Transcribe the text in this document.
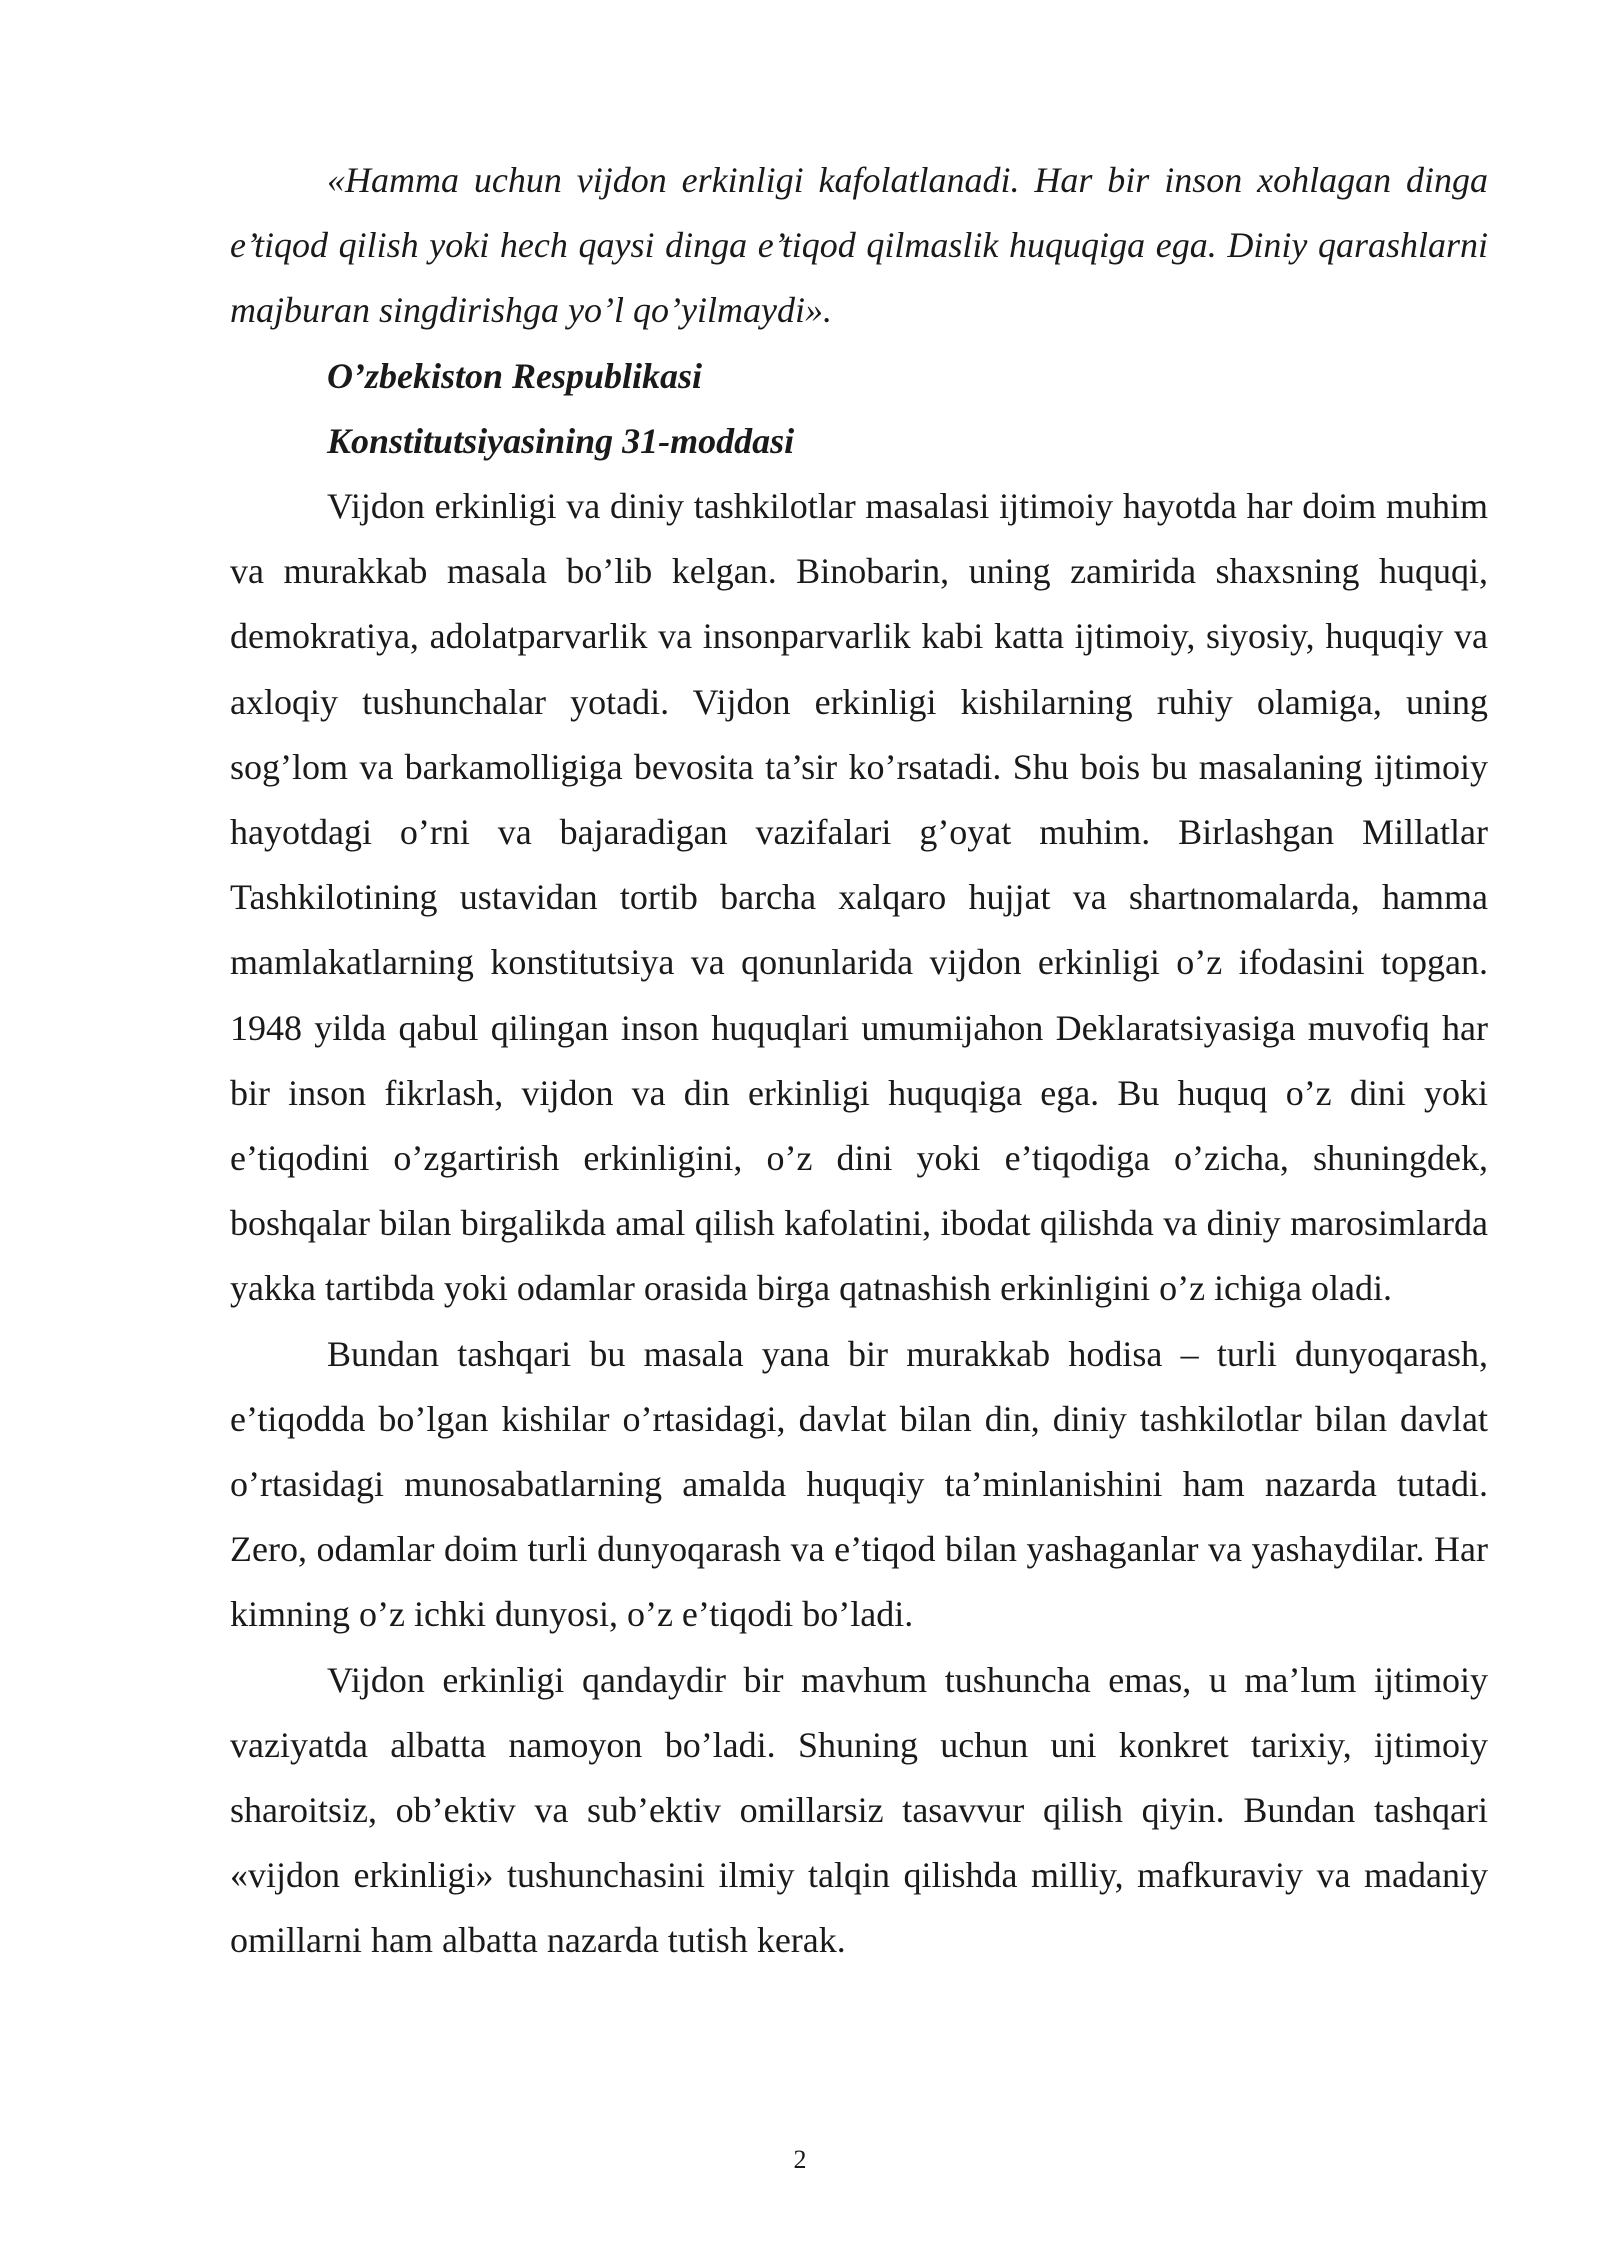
«Hamma uchun vijdon erkinligi kafolatlanadi. Har bir inson xohlagan dinga e’tiqod qilish yoki hech qaysi dinga e’tiqod qilmaslik huquqiga ega. Diniy qarashlarni majburan singdirishga yo’l qo’yilmaydi».

O’zbekiston Respublikasi

Konstitutsiyasining 31-moddasi

Vijdon erkinligi va diniy tashkilotlar masalasi ijtimoiy hayotda har doim muhim va murakkab masala bo’lib kelgan. Binobarin, uning zamirida shaxsning huquqi, demokratiya, adolatparvarlik va insonparvarlik kabi katta ijtimoiy, siyosiy, huquqiy va axloqiy tushunchalar yotadi. Vijdon erkinligi kishilarning ruhiy olamiga, uning sog’lom va barkamolligiga bevosita ta’sir ko’rsatadi. Shu bois bu masalaning ijtimoiy hayotdagi o’rni va bajaradigan vazifalari g’oyat muhim. Birlashgan Millatlar Tashkilotining ustavidan tortib barcha xalqaro hujjat va shartnomalarda, hamma mamlakatlarning konstitutsiya va qonunlarida vijdon erkinligi o’z ifodasini topgan. 1948 yilda qabul qilingan inson huquqlari umumijahon Deklaratsiyasiga muvofiq har bir inson fikrlash, vijdon va din erkinligi huquqiga ega. Bu huquq o’z dini yoki e’tiqodini o’zgartirish erkinligini, o’z dini yoki e’tiqodiga o’zicha, shuningdek, boshqalar bilan birgalikda amal qilish kafolatini, ibodat qilishda va diniy marosimlarda yakka tartibda yoki odamlar orasida birga qatnashish erkinligini o’z ichiga oladi.

Bundan tashqari bu masala yana bir murakkab hodisa – turli dunyoqarash, e’tiqodda bo’lgan kishilar o’rtasidagi, davlat bilan din, diniy tashkilotlar bilan davlat o’rtasidagi munosabatlarning amalda huquqiy ta’minlanishini ham nazarda tutadi. Zero, odamlar doim turli dunyoqarash va e’tiqod bilan yashaganlar va yashaydilar. Har kimning o’z ichki dunyosi, o’z e’tiqodi bo’ladi.

Vijdon erkinligi qandaydir bir mavhum tushuncha emas, u ma’lum ijtimoiy vaziyatda albatta namoyon bo’ladi. Shuning uchun uni konkret tarixiy, ijtimoiy sharoitsiz, ob’ektiv va sub’ektiv omillarsiz tasavvur qilish qiyin. Bundan tashqari «vijdon erkinligi» tushunchasini ilmiy talqin qilishda milliy, mafkuraviy va madaniy omillarni ham albatta nazarda tutish kerak.

2
